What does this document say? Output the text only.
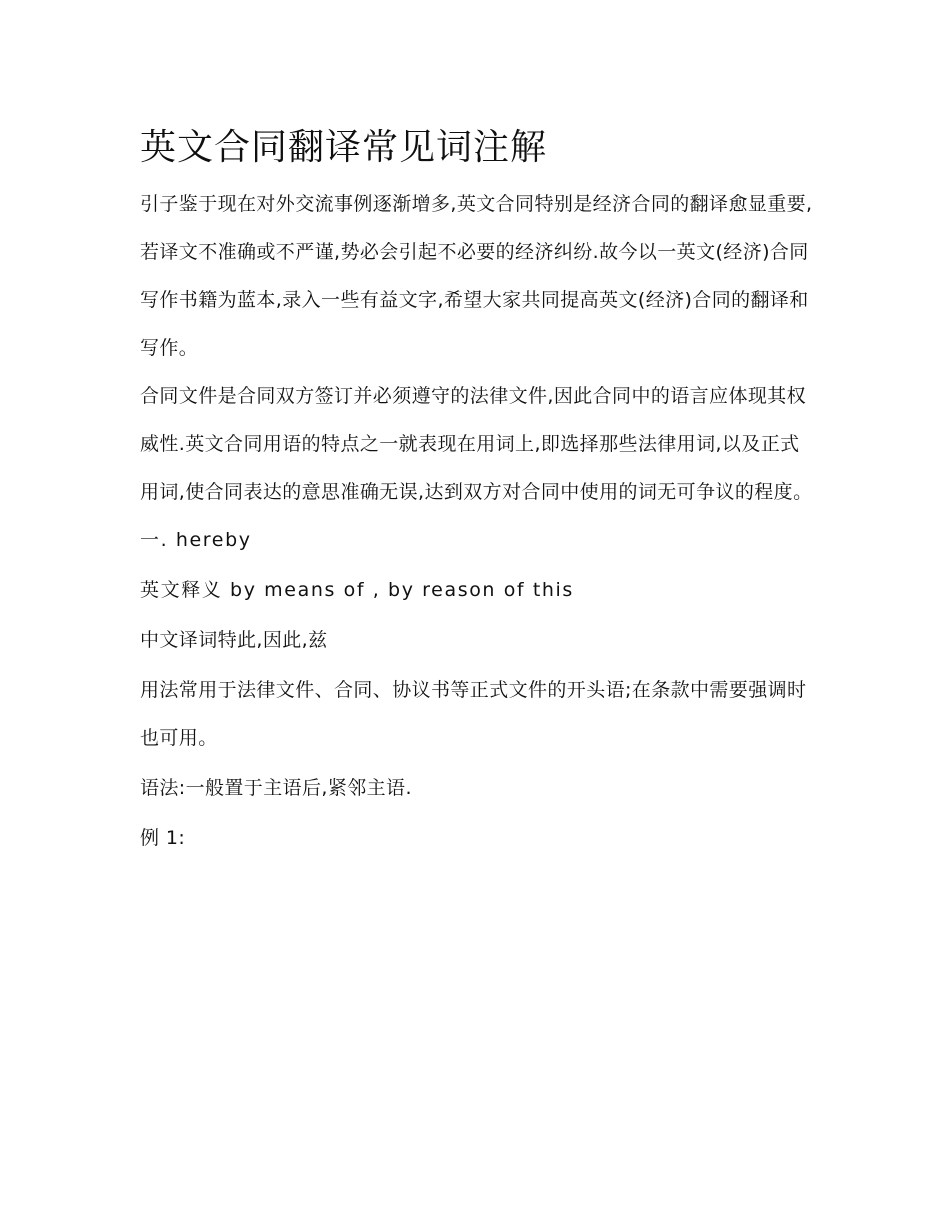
英文合同翻译常见词注解

引子鉴于现在对外交流事例逐渐增多,英文合同特别是经济合同的翻译愈显重要,

若译文不准确或不严谨,势必会引起不必要的经济纠纷.故今以一英文(经济)合同

写作书籍为蓝本,录入一些有益文字,希望大家共同提高英文(经济)合同的翻译和

写作。

合同文件是合同双方签订并必须遵守的法律文件,因此合同中的语言应体现其权

威性.英文合同用语的特点之一就表现在用词上,即选择那些法律用词,以及正式

用词,使合同表达的意思准确无误,达到双方对合同中使用的词无可争议的程度。

一. hereby

英文释义 by means of , by reason of this

中文译词特此,因此,兹

用法常用于法律文件、合同、协议书等正式文件的开头语;在条款中需要强调时

也可用。

语法:一般置于主语后,紧邻主语.

例 1:
